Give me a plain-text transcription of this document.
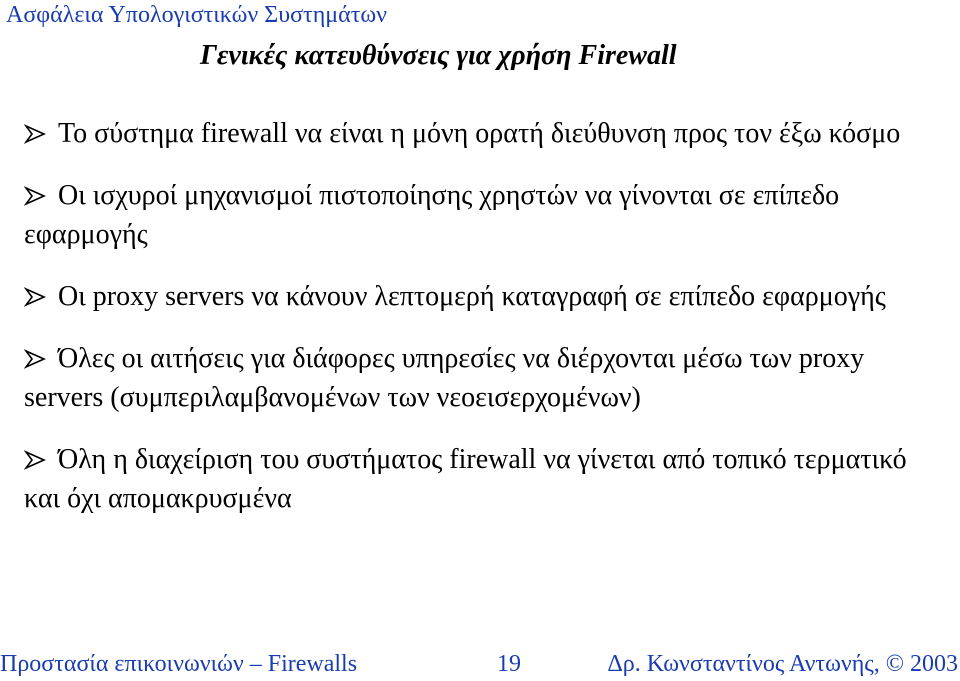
Ασφάλεια Υπολογιστικών Συστημάτων
Γενικές κατευθύνσεις για χρήση Firewall
Το σύστημα firewall να είναι η μόνη ορατή διεύθυνση προς τον έξω κόσμο
Οι ισχυροί μηχανισμοί πιστοποίησης χρηστών να γίνονται σε επίπεδο εφαρμογής
Οι proxy servers να κάνουν λεπτομερή καταγραφή σε επίπεδο εφαρμογής
Όλες οι αιτήσεις για διάφορες υπηρεσίες να διέρχονται μέσω των proxy servers (συμπεριλαμβανομένων των νεοεισερχομένων)
Όλη η διαχείριση του συστήματος firewall να γίνεται από τοπικό τερματικό και όχι απομακρυσμένα
Προστασία επικοινωνιών – Firewalls	19	Δρ. Κωνσταντίνος Αντωνής, © 2003
